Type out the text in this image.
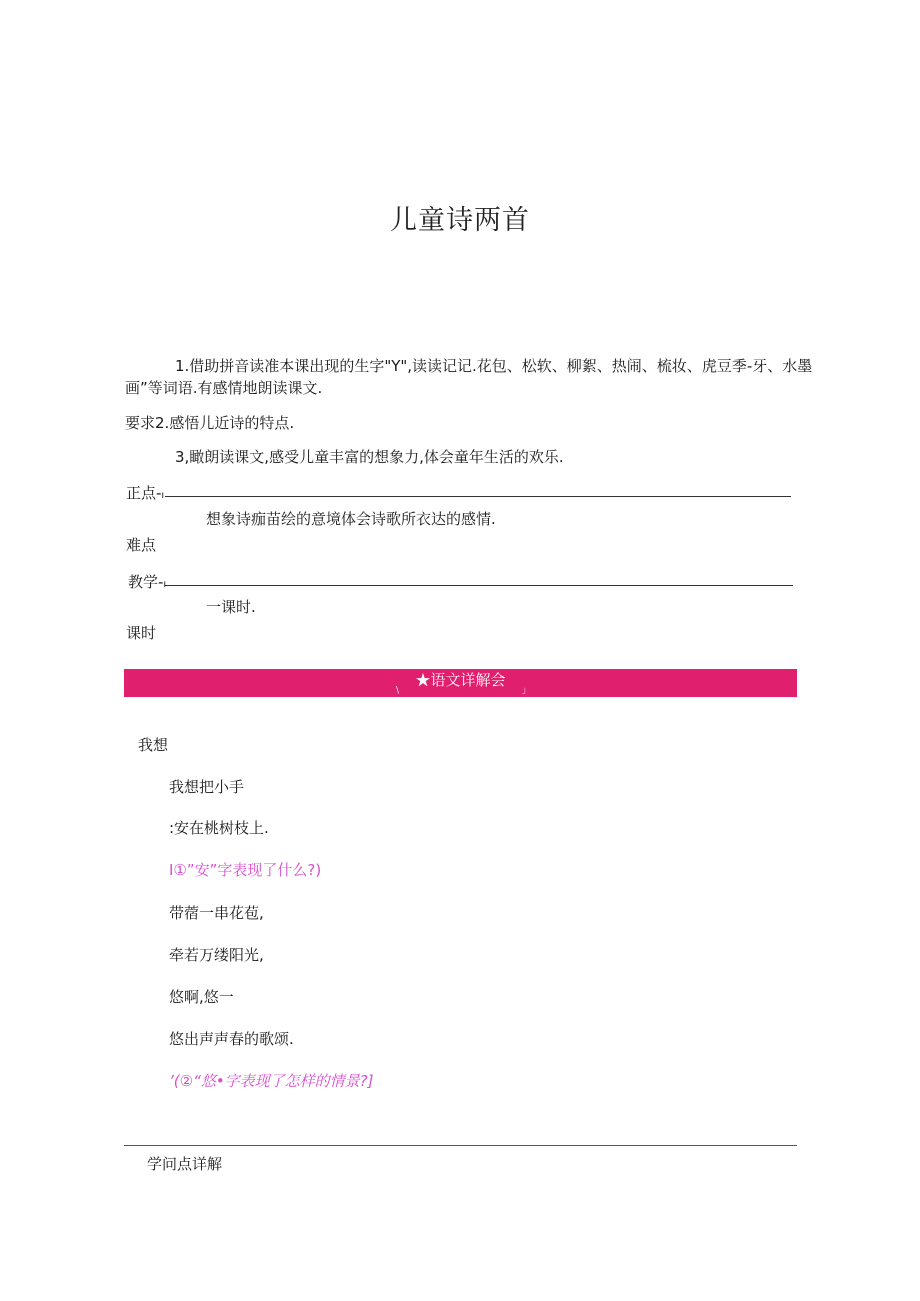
儿童诗两首
1.借助拼音读准本课出现的生字"Y",读读记记.花包、松软、柳絮、热闹、梳妆、虎豆季-牙、水墨
画”等词语.有感情地朗读课文.
要求2.感悟儿近诗的特点.
3,瞰朗读课文,感受儿童丰富的想象力,体会童年生活的欢乐.
正点-ı
想象诗痂苗绘的意境体会诗歌所衣达的感情.
难点
教学-ı
一课时.
课时
★语文详解会
\	」
我想
我想把小手
:安在桃树枝上.
I①”安”字表现了什么?)
带蓿一串花苞,
牵若万缕阳光,
悠啊,悠一
悠出声声春的歌颂.
’(②“悠•字表现了怎样的情景?]
学问点详解
